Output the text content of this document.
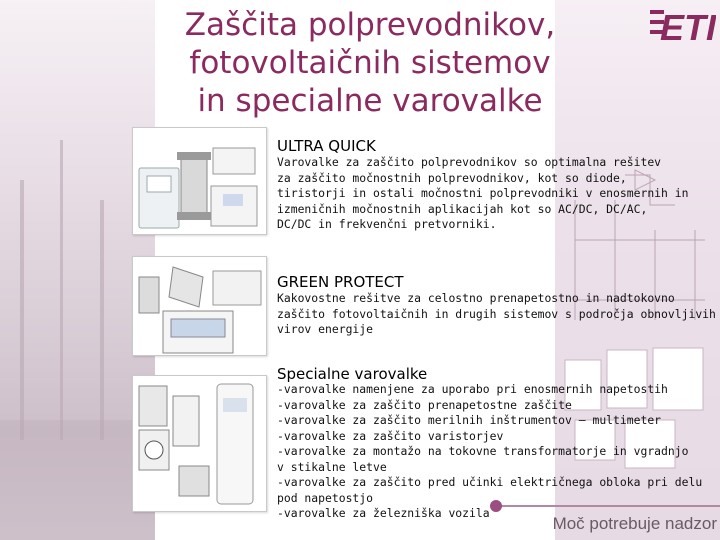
Zaščita polprevodnikov,
fotovoltaičnih sistemov
in specialne varovalke
ETI
ULTRA QUICK
Varovalke za zaščito polprevodnikov so optimalna rešitev
za zaščito močnostnih polprevodnikov, kot so diode,
tiristorji in ostali močnostni polprevodniki v enosmernih in
izmeničnih močnostnih aplikacijah kot so AC/DC, DC/AC,
DC/DC in frekvenčni pretvorniki.
GREEN PROTECT
Kakovostne rešitve za celostno prenapetostno in nadtokovno
zaščito fotovoltaičnih in drugih sistemov s področja obnovljivih
virov energije
Specialne varovalke
-varovalke namenjene za uporabo pri enosmernih napetostih
-varovalke za zaščito prenapetostne zaščite
-varovalke za zaščito merilnih inštrumentov – multimeter
-varovalke za zaščito varistorjev
-varovalke za montažo na tokovne transformatorje in vgradnjo
v stikalne letve
-varovalke za zaščito pred učinki električnega obloka pri delu
pod napetostjo
-varovalke za železniška vozila
Moč potrebuje nadzor
